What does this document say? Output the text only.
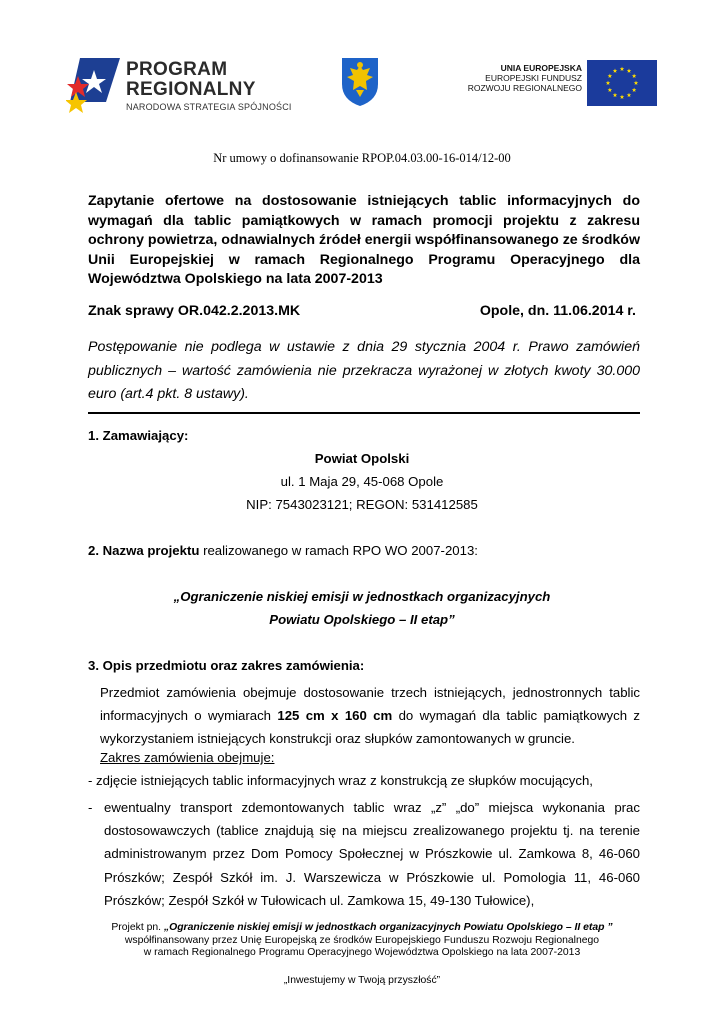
PROGRAM
REGIONALNY
NARODOWA STRATEGIA SPÓJNOŚCI
UNIA EUROPEJSKA
EUROPEJSKI FUNDUSZ
ROZWOJU REGIONALNEGO
Nr umowy o dofinansowanie RPOP.04.03.00-16-014/12-00
Zapytanie ofertowe na dostosowanie istniejących tablic informacyjnych do wymagań dla tablic pamiątkowych w ramach promocji projektu z zakresu ochrony powietrza, odnawialnych źródeł energii współfinansowanego ze środków Unii Europejskiej w ramach Regionalnego Programu Operacyjnego dla Województwa Opolskiego na lata 2007-2013
Znak sprawy OR.042.2.2013.MK	Opole, dn. 11.06.2014 r.
Postępowanie nie podlega w ustawie z dnia 29 stycznia 2004 r. Prawo zamówień publicznych – wartość zamówienia nie przekracza wyrażonej w złotych kwoty 30.000 euro (art.4 pkt. 8 ustawy).
1. Zamawiający:
Powiat Opolski
ul. 1 Maja 29, 45-068 Opole
NIP: 7543023121; REGON: 531412585
2. Nazwa projektu realizowanego w ramach RPO WO 2007-2013:
„Ograniczenie niskiej emisji w jednostkach organizacyjnych
Powiatu Opolskiego – II etap”
3. Opis przedmiotu oraz zakres zamówienia:
Przedmiot zamówienia obejmuje dostosowanie trzech istniejących, jednostronnych tablic informacyjnych o wymiarach 125 cm x 160 cm do wymagań dla tablic pamiątkowych z wykorzystaniem istniejących konstrukcji oraz słupków zamontowanych w gruncie.
Zakres zamówienia obejmuje:
- zdjęcie istniejących tablic informacyjnych wraz z konstrukcją ze słupków mocujących,
- ewentualny transport zdemontowanych tablic wraz „z” „do” miejsca wykonania prac dostosowawczych (tablice znajdują się na miejscu zrealizowanego projektu tj. na terenie administrowanym przez Dom Pomocy Społecznej w Prószkowie ul. Zamkowa 8, 46-060 Prószków; Zespół Szkół im. J. Warszewicza w Prószkowie ul. Pomologia 11, 46-060 Prószków; Zespół Szkół w Tułowicach ul. Zamkowa 15, 49-130 Tułowice),
Projekt pn. „Ograniczenie niskiej emisji w jednostkach organizacyjnych Powiatu Opolskiego – II etap ”
współfinansowany przez Unię Europejską ze środków Europejskiego Funduszu Rozwoju Regionalnego
w ramach Regionalnego Programu Operacyjnego Województwa Opolskiego na lata 2007-2013
„Inwestujemy w Twoją przyszłość”
